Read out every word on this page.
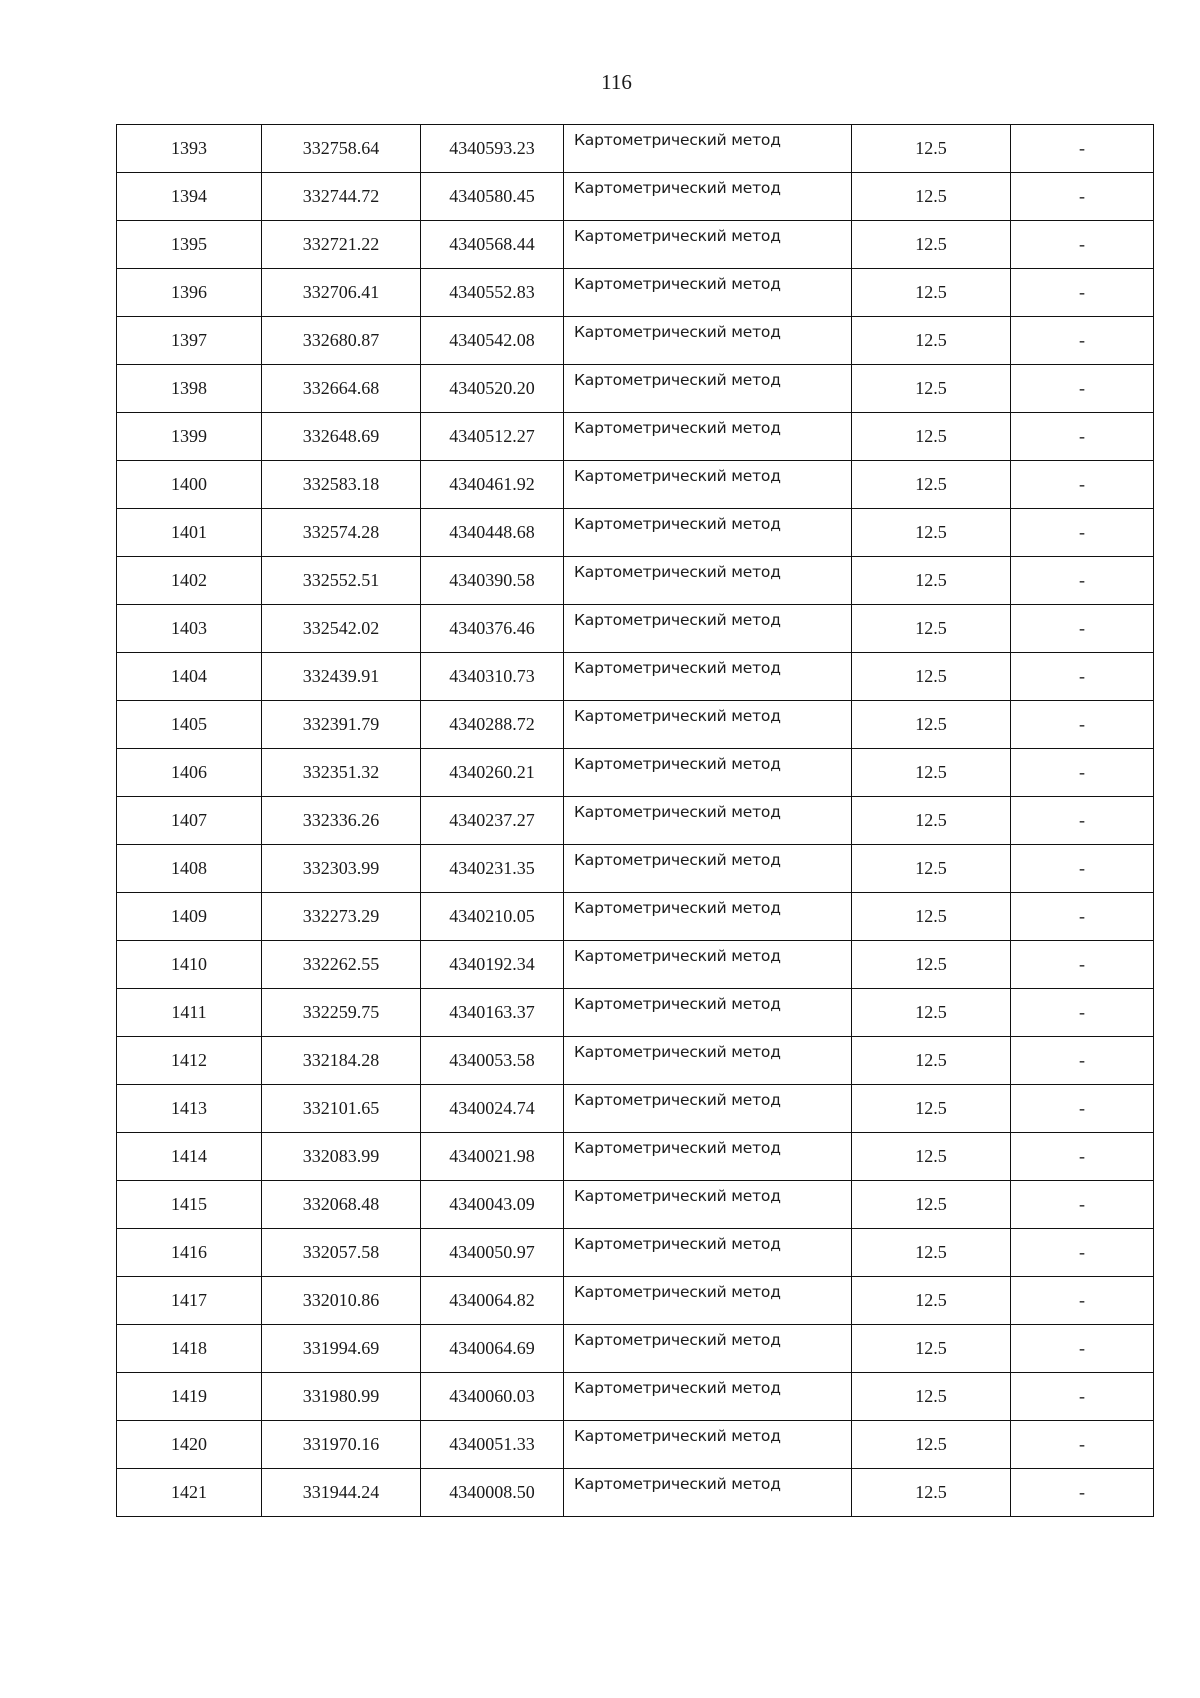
116
1393	332758.64	4340593.23	Картометрический метод	12.5	-
1394	332744.72	4340580.45	Картометрический метод	12.5	-
1395	332721.22	4340568.44	Картометрический метод	12.5	-
1396	332706.41	4340552.83	Картометрический метод	12.5	-
1397	332680.87	4340542.08	Картометрический метод	12.5	-
1398	332664.68	4340520.20	Картометрический метод	12.5	-
1399	332648.69	4340512.27	Картометрический метод	12.5	-
1400	332583.18	4340461.92	Картометрический метод	12.5	-
1401	332574.28	4340448.68	Картометрический метод	12.5	-
1402	332552.51	4340390.58	Картометрический метод	12.5	-
1403	332542.02	4340376.46	Картометрический метод	12.5	-
1404	332439.91	4340310.73	Картометрический метод	12.5	-
1405	332391.79	4340288.72	Картометрический метод	12.5	-
1406	332351.32	4340260.21	Картометрический метод	12.5	-
1407	332336.26	4340237.27	Картометрический метод	12.5	-
1408	332303.99	4340231.35	Картометрический метод	12.5	-
1409	332273.29	4340210.05	Картометрический метод	12.5	-
1410	332262.55	4340192.34	Картометрический метод	12.5	-
1411	332259.75	4340163.37	Картометрический метод	12.5	-
1412	332184.28	4340053.58	Картометрический метод	12.5	-
1413	332101.65	4340024.74	Картометрический метод	12.5	-
1414	332083.99	4340021.98	Картометрический метод	12.5	-
1415	332068.48	4340043.09	Картометрический метод	12.5	-
1416	332057.58	4340050.97	Картометрический метод	12.5	-
1417	332010.86	4340064.82	Картометрический метод	12.5	-
1418	331994.69	4340064.69	Картометрический метод	12.5	-
1419	331980.99	4340060.03	Картометрический метод	12.5	-
1420	331970.16	4340051.33	Картометрический метод	12.5	-
1421	331944.24	4340008.50	Картометрический метод	12.5	-
